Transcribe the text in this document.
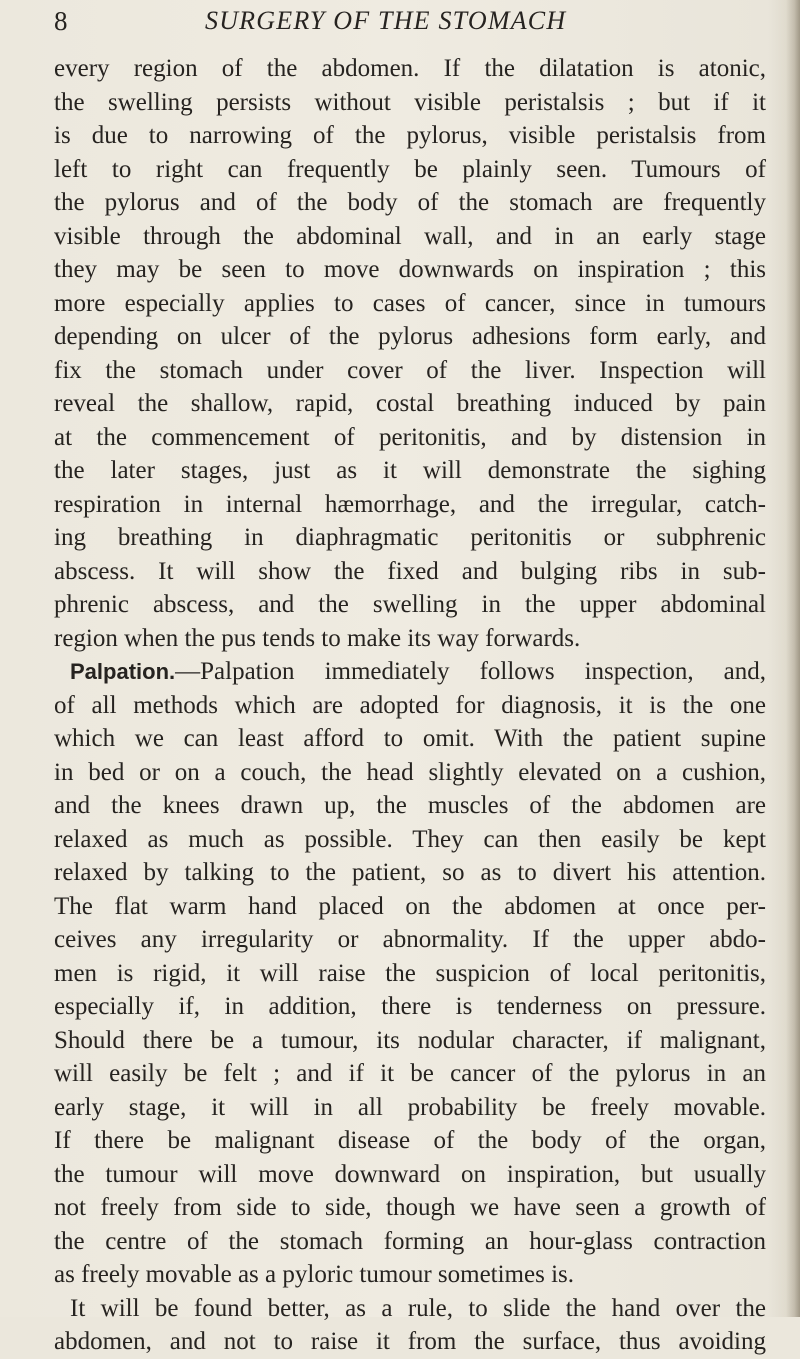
8	SURGERY OF THE STOMACH
every region of the abdomen. If the dilatation is atonic,
the swelling persists without visible peristalsis ; but if it
is due to narrowing of the pylorus, visible peristalsis from
left to right can frequently be plainly seen. Tumours of
the pylorus and of the body of the stomach are frequently
visible through the abdominal wall, and in an early stage
they may be seen to move downwards on inspiration ; this
more especially applies to cases of cancer, since in tumours
depending on ulcer of the pylorus adhesions form early, and
fix the stomach under cover of the liver. Inspection will
reveal the shallow, rapid, costal breathing induced by pain
at the commencement of peritonitis, and by distension in
the later stages, just as it will demonstrate the sighing
respiration in internal hæmorrhage, and the irregular, catch-
ing breathing in diaphragmatic peritonitis or subphrenic
abscess. It will show the fixed and bulging ribs in sub-
phrenic abscess, and the swelling in the upper abdominal
region when the pus tends to make its way forwards.
Palpation.—Palpation immediately follows inspection, and,
of all methods which are adopted for diagnosis, it is the one
which we can least afford to omit. With the patient supine
in bed or on a couch, the head slightly elevated on a cushion,
and the knees drawn up, the muscles of the abdomen are
relaxed as much as possible. They can then easily be kept
relaxed by talking to the patient, so as to divert his attention.
The flat warm hand placed on the abdomen at once per-
ceives any irregularity or abnormality. If the upper abdo-
men is rigid, it will raise the suspicion of local peritonitis,
especially if, in addition, there is tenderness on pressure.
Should there be a tumour, its nodular character, if malignant,
will easily be felt ; and if it be cancer of the pylorus in an
early stage, it will in all probability be freely movable.
If there be malignant disease of the body of the organ,
the tumour will move downward on inspiration, but usually
not freely from side to side, though we have seen a growth of
the centre of the stomach forming an hour-glass contraction
as freely movable as a pyloric tumour sometimes is.
It will be found better, as a rule, to slide the hand over the
abdomen, and not to raise it from the surface, thus avoiding
